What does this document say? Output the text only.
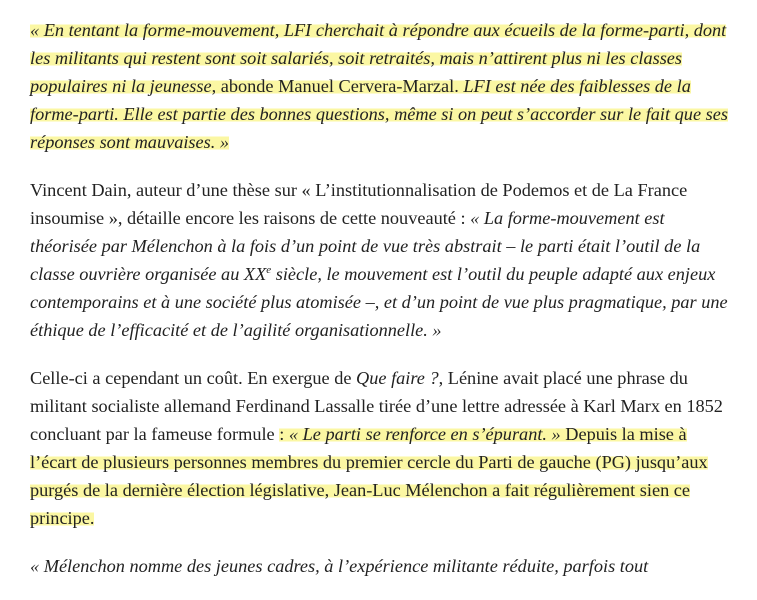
« En tentant la forme-mouvement, LFI cherchait à répondre aux écueils de la forme-parti, dont les militants qui restent sont soit salariés, soit retraités, mais n’attirent plus ni les classes populaires ni la jeunesse, abonde Manuel Cervera-Marzal. LFI est née des faiblesses de la forme-parti. Elle est partie des bonnes questions, même si on peut s’accorder sur le fait que ses réponses sont mauvaises. »

Vincent Dain, auteur d’une thèse sur « L’institutionnalisation de Podemos et de La France insoumise », détaille encore les raisons de cette nouveauté : « La forme-mouvement est théorisée par Mélenchon à la fois d’un point de vue très abstrait – le parti était l’outil de la classe ouvrière organisée au XXe siècle, le mouvement est l’outil du peuple adapté aux enjeux contemporains et à une société plus atomisée –, et d’un point de vue plus pragmatique, par une éthique de l’efficacité et de l’agilité organisationnelle. »

Celle-ci a cependant un coût. En exergue de Que faire ?, Lénine avait placé une phrase du militant socialiste allemand Ferdinand Lassalle tirée d’une lettre adressée à Karl Marx en 1852 concluant par la fameuse formule : « Le parti se renforce en s’épurant. » Depuis la mise à l’écart de plusieurs personnes membres du premier cercle du Parti de gauche (PG) jusqu’aux purgés de la dernière élection législative, Jean-Luc Mélenchon a fait régulièrement sien ce principe.

« Mélenchon nomme des jeunes cadres, à l’expérience militante réduite, parfois tout
